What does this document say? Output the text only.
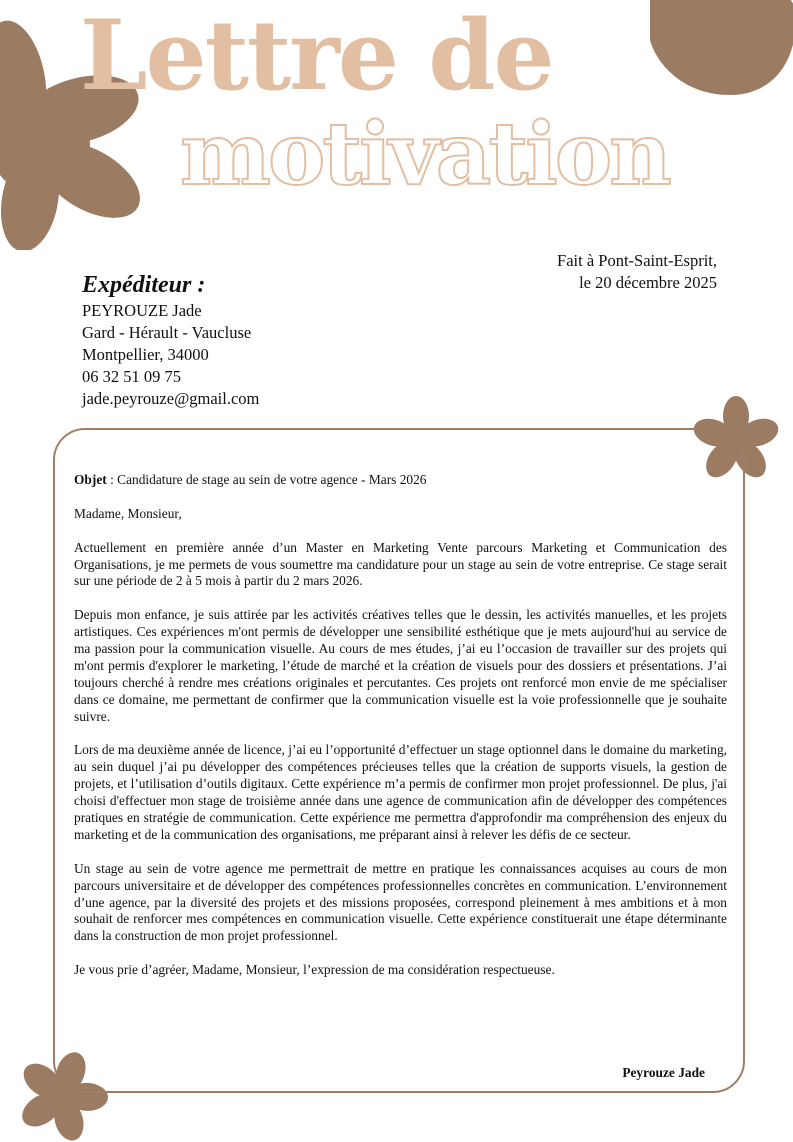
Lettre de
motivation
Fait à Pont-Saint-Esprit,
le 20 décembre 2025
Expéditeur :
PEYROUZE Jade
Gard - Hérault - Vaucluse
Montpellier, 34000
06 32 51 09 75
jade.peyrouze@gmail.com

Objet : Candidature de stage au sein de votre agence - Mars 2026

Madame, Monsieur,

Actuellement en première année d’un Master en Marketing Vente parcours Marketing et Communication des Organisations, je me permets de vous soumettre ma candidature pour un stage au sein de votre entreprise. Ce stage serait sur une période de 2 à 5 mois à partir du 2 mars 2026.

Depuis mon enfance, je suis attirée par les activités créatives telles que le dessin, les activités manuelles, et les projets artistiques. Ces expériences m'ont permis de développer une sensibilité esthétique que je mets aujourd'hui au service de ma passion pour la communication visuelle. Au cours de mes études, j’ai eu l’occasion de travailler sur des projets qui m'ont permis d'explorer le marketing, l’étude de marché et la création de visuels pour des dossiers et présentations. J’ai toujours cherché à rendre mes créations originales et percutantes. Ces projets ont renforcé mon envie de me spécialiser dans ce domaine, me permettant de confirmer que la communication visuelle est la voie professionnelle que je souhaite suivre.

Lors de ma deuxième année de licence, j’ai eu l’opportunité d’effectuer un stage optionnel dans le domaine du marketing, au sein duquel j’ai pu développer des compétences précieuses telles que la création de supports visuels, la gestion de projets, et l’utilisation d’outils digitaux. Cette expérience m’a permis de confirmer mon projet professionnel. De plus, j'ai choisi d'effectuer mon stage de troisième année dans une agence de communication afin de développer des compétences pratiques en stratégie de communication. Cette expérience me permettra d'approfondir ma compréhension des enjeux du marketing et de la communication des organisations, me préparant ainsi à relever les défis de ce secteur.

Un stage au sein de votre agence me permettrait de mettre en pratique les connaissances acquises au cours de mon parcours universitaire et de développer des compétences professionnelles concrètes en communication. L’environnement d’une agence, par la diversité des projets et des missions proposées, correspond pleinement à mes ambitions et à mon souhait de renforcer mes compétences en communication visuelle. Cette expérience constituerait une étape déterminante dans la construction de mon projet professionnel.

Je vous prie d’agréer, Madame, Monsieur, l’expression de ma considération respectueuse.

Peyrouze Jade
